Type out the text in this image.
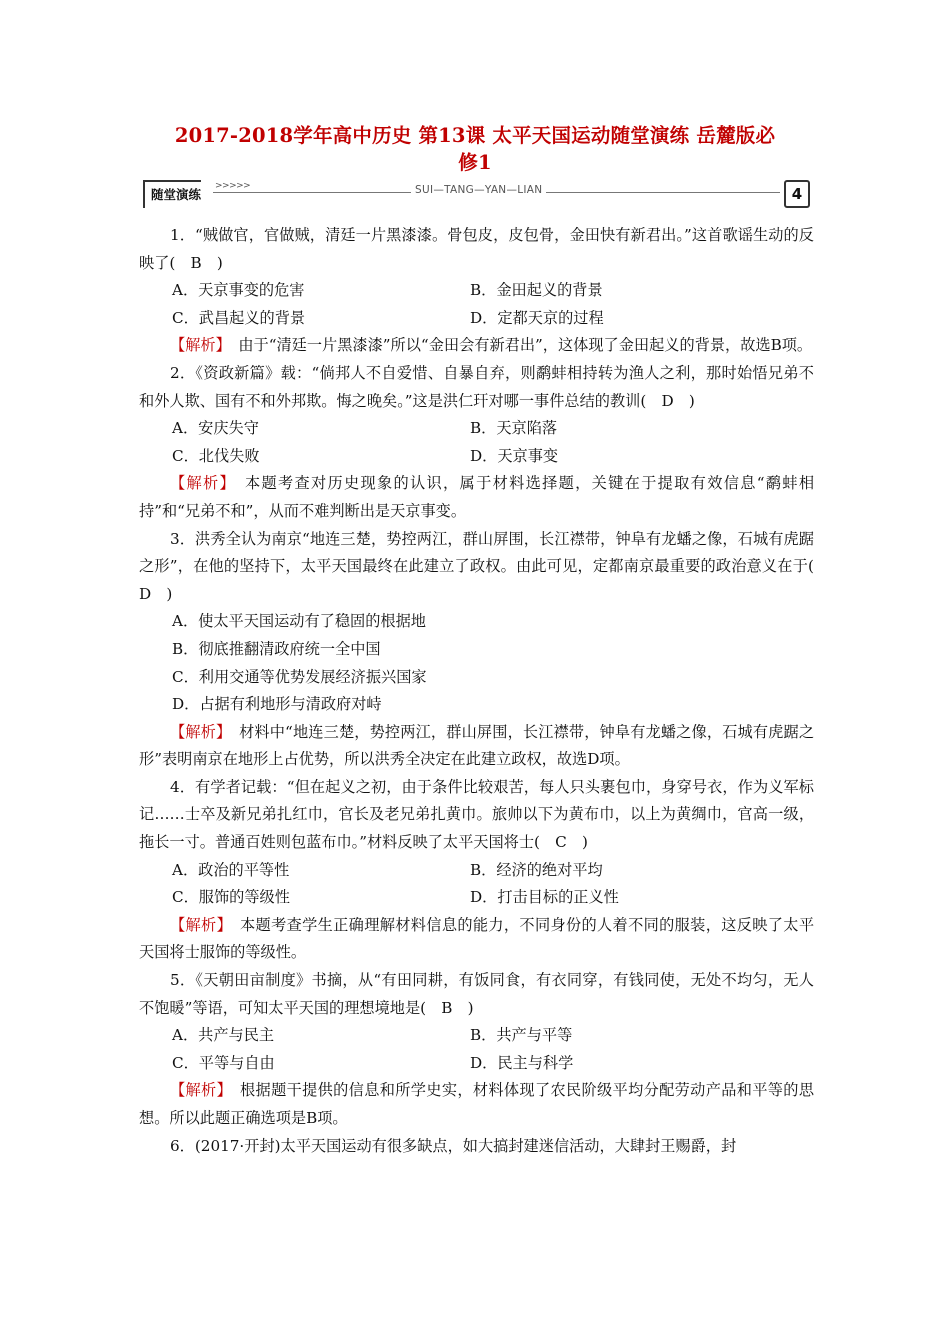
2017-2018学年高中历史 第13课 太平天国运动随堂演练 岳麓版必
修1
随堂演练
>>>>>	SUI—TANG—YAN—LIAN	4

1．“贼做官，官做贼，清廷一片黑漆漆。骨包皮，皮包骨，金田快有新君出。”这首歌谣生动的反映了(　B　)

A．天京事变的危害	B．金田起义的背景
C．武昌起义的背景	D．定都天京的过程

【解析】　 由于“清廷一片黑漆漆”所以“金田会有新君出”，这体现了金田起义的背景，故选B项。

2．《资政新篇》载：“倘邦人不自爱惜、自暴自弃，则鹬蚌相持转为渔人之利，那时始悟兄弟不和外人欺、国有不和外邦欺。悔之晚矣。”这是洪仁玕对哪一事件总结的教训(　D　)

A．安庆失守	B．天京陷落
C．北伐失败	D．天京事变

【解析】　 本题考查对历史现象的认识，属于材料选择题，关键在于提取有效信息“鹬蚌相持”和“兄弟不和”，从而不难判断出是天京事变。

3．洪秀全认为南京“地连三楚，势控两江，群山屏围，长江襟带，钟阜有龙蟠之像，石城有虎踞之形”，在他的坚持下，太平天国最终在此建立了政权。由此可见，定都南京最重要的政治意义在于(　D　)

A．使太平天国运动有了稳固的根据地

B．彻底推翻清政府统一全中国

C．利用交通等优势发展经济振兴国家

D．占据有利地形与清政府对峙

【解析】　 材料中“地连三楚，势控两江，群山屏围，长江襟带，钟阜有龙蟠之像，石城有虎踞之形”表明南京在地形上占优势，所以洪秀全决定在此建立政权，故选D项。

4．有学者记载：“但在起义之初，由于条件比较艰苦，每人只头裹包巾，身穿号衣，作为义军标记……士卒及新兄弟扎红巾，官长及老兄弟扎黄巾。旅帅以下为黄布巾，以上为黄绸巾，官高一级，拖长一寸。普通百姓则包蓝布巾。”材料反映了太平天国将士(　C　)

A．政治的平等性	B．经济的绝对平均
C．服饰的等级性	D．打击目标的正义性

【解析】　 本题考查学生正确理解材料信息的能力，不同身份的人着不同的服装，这反映了太平天国将士服饰的等级性。

5．《天朝田亩制度》书摘，从“有田同耕，有饭同食，有衣同穿，有钱同使，无处不均匀，无人不饱暖”等语，可知太平天国的理想境地是(　B　)

A．共产与民主	B．共产与平等
C．平等与自由	D．民主与科学

【解析】　 根据题干提供的信息和所学史实，材料体现了农民阶级平均分配劳动产品和平等的思想。所以此题正确选项是B项。

6．(2017·开封)太平天国运动有很多缺点，如大搞封建迷信活动，大肆封王赐爵，封
